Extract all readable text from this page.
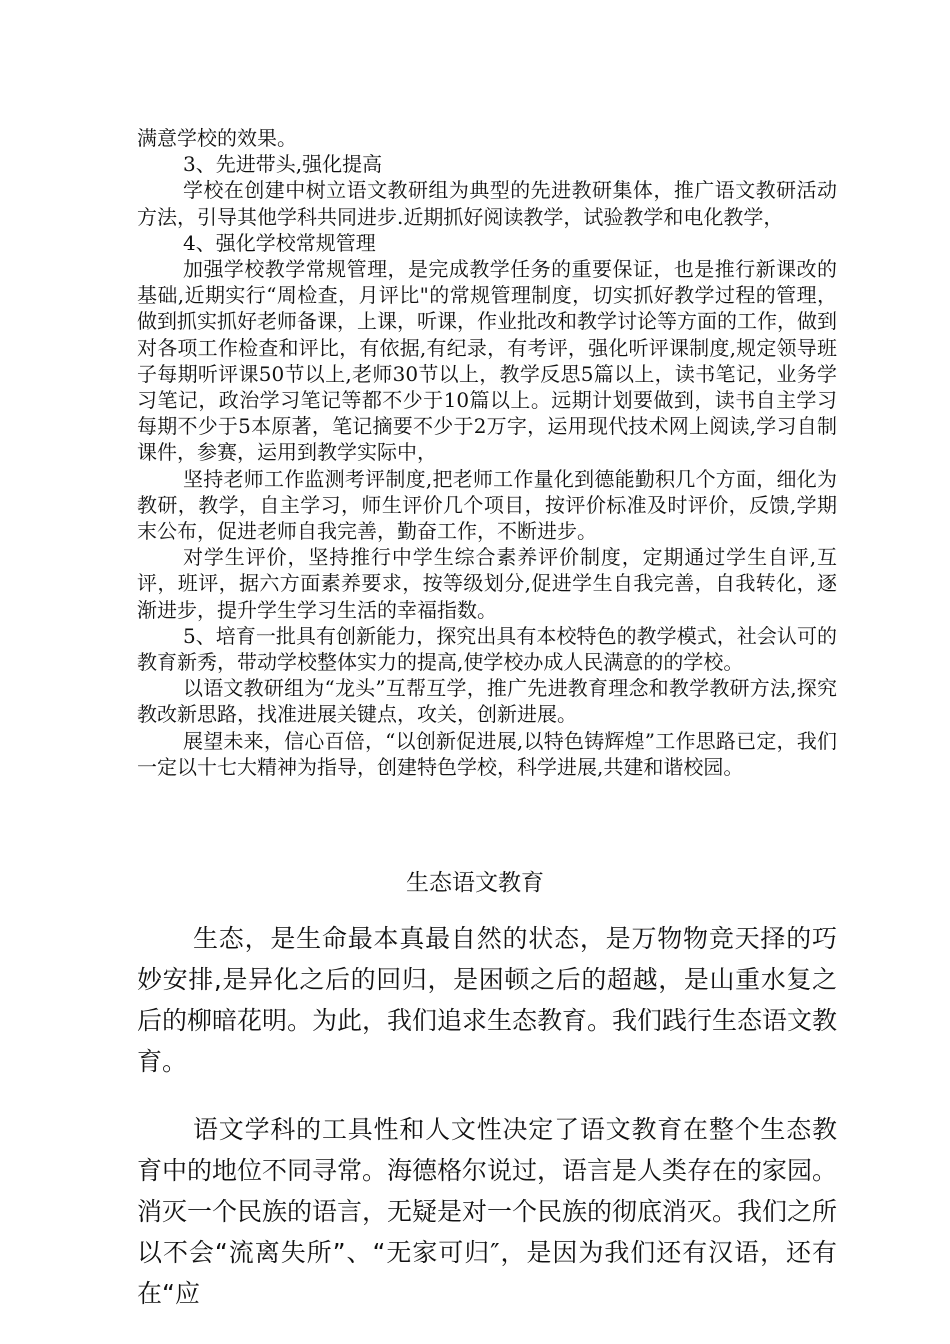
满意学校的效果。

3、先进带头,强化提高

学校在创建中树立语文教研组为典型的先进教研集体，推广语文教研活动方法，引导其他学科共同进步.近期抓好阅读教学，试验教学和电化教学，

4、强化学校常规管理

加强学校教学常规管理，是完成教学任务的重要保证，也是推行新课改的基础,近期实行“周检查，月评比"的常规管理制度，切实抓好教学过程的管理，做到抓实抓好老师备课，上课，听课，作业批改和教学讨论等方面的工作，做到对各项工作检查和评比，有依据,有纪录，有考评，强化听评课制度,规定领导班子每期听评课50节以上,老师30节以上，教学反思5篇以上，读书笔记，业务学习笔记，政治学习笔记等都不少于10篇以上。远期计划要做到，读书自主学习每期不少于5本原著，笔记摘要不少于2万字，运用现代技术网上阅读,学习自制课件，参赛，运用到教学实际中，

坚持老师工作监测考评制度,把老师工作量化到德能勤积几个方面，细化为教研，教学，自主学习，师生评价几个项目，按评价标准及时评价，反馈,学期末公布，促进老师自我完善，勤奋工作，不断进步。

对学生评价，坚持推行中学生综合素养评价制度，定期通过学生自评,互评，班评，据六方面素养要求，按等级划分,促进学生自我完善，自我转化，逐渐进步，提升学生学习生活的幸福指数。

5、培育一批具有创新能力，探究出具有本校特色的教学模式，社会认可的教育新秀，带动学校整体实力的提高,使学校办成人民满意的的学校。

以语文教研组为“龙头”互帮互学，推广先进教育理念和教学教研方法,探究教改新思路，找准进展关键点，攻关，创新进展。

展望未来，信心百倍，“以创新促进展,以特色铸辉煌”工作思路已定，我们一定以十七大精神为指导，创建特色学校，科学进展,共建和谐校园。

生态语文教育

生态，是生命最本真最自然的状态，是万物物竞天择的巧妙安排,是异化之后的回归，是困顿之后的超越，是山重水复之后的柳暗花明。为此，我们追求生态教育。我们践行生态语文教育。

语文学科的工具性和人文性决定了语文教育在整个生态教育中的地位不同寻常。海德格尔说过，语言是人类存在的家园。消灭一个民族的语言，无疑是对一个民族的彻底消灭。我们之所以不会“流离失所”、“无家可归″，是因为我们还有汉语，还有在“应
